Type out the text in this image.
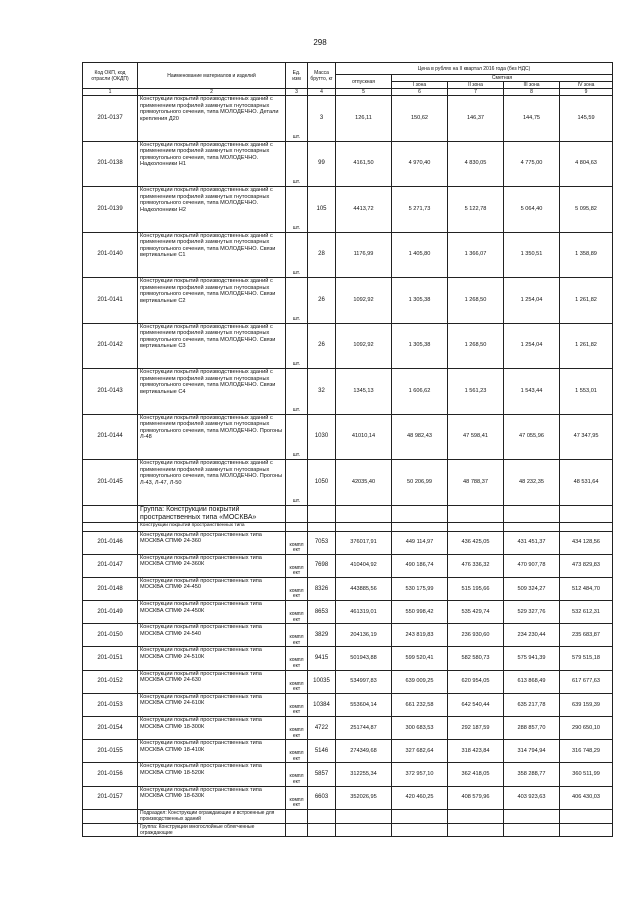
298
Код ОКП, код отрасли (ОКДП)	Наименование материалов и изделий	Ед. изм	Масса брутто, кг	Цена в рублях на II квартал 2016 года (без НДС)				
				отпускная	Сметная			
					I зона	II зона	III зона	IV зона
1	2	3	4	5	6	7	8	9
201-0137	Конструкции покрытий производственных зданий с применением профилей замкнутых гнутосварных прямоугольного сечения, типа МОЛОДЕЧНО. Детали крепления Д20	шт.	3	126,11	150,62	146,37	144,75	145,59
201-0138	Конструкции покрытий производственных зданий с применением профилей замкнутых гнутосварных прямоугольного сечения, типа МОЛОДЕЧНО. Надколонники Н1	шт.	99	4161,50	4 970,40	4 830,05	4 775,00	4 804,63
201-0139	Конструкции покрытий производственных зданий с применением профилей замкнутых гнутосварных прямоугольного сечения, типа МОЛОДЕЧНО. Надколонники Н2	шт.	105	4413,72	5 271,73	5 122,78	5 064,40	5 095,82
201-0140	Конструкции покрытий производственных зданий с применением профилей замкнутых гнутосварных прямоугольного сечения, типа МОЛОДЕЧНО. Связи вертикальные С1	шт.	28	1176,99	1 405,80	1 366,07	1 350,51	1 358,89
201-0141	Конструкции покрытий производственных зданий с применением профилей замкнутых гнутосварных прямоугольного сечения, типа МОЛОДЕЧНО. Связи вертикальные С2	шт.	26	1092,92	1 305,38	1 268,50	1 254,04	1 261,82
201-0142	Конструкции покрытий производственных зданий с применением профилей замкнутых гнутосварных прямоугольного сечения, типа МОЛОДЕЧНО. Связи вертикальные С3	шт.	26	1092,92	1 305,38	1 268,50	1 254,04	1 261,82
201-0143	Конструкции покрытий производственных зданий с применением профилей замкнутых гнутосварных прямоугольного сечения, типа МОЛОДЕЧНО. Связи вертикальные С4	шт.	32	1345,13	1 606,62	1 561,23	1 543,44	1 553,01
201-0144	Конструкции покрытий производственных зданий с применением профилей замкнутых гнутосварных прямоугольного сечения, типа МОЛОДЕЧНО. Прогоны Л-48	шт.	1030	41010,14	48 982,43	47 598,41	47 055,96	47 347,95
201-0145	Конструкции покрытий производственных зданий с применением профилей замкнутых гнутосварных прямоугольного сечения, типа МОЛОДЕЧНО. Прогоны Л-43, Л-47, Л-50	шт.	1050	42035,40	50 206,99	48 788,37	48 232,35	48 531,64
	Группа: Конструкции покрытий пространственных типа «МОСКВА»							
	Конструкции покрытий пространственных типа							
201-0146	Конструкции покрытий пространственных типа МОСКВА СПМФ 24-360	компл ект	7053	376017,91	449 114,97	436 425,05	431 451,37	434 128,56
201-0147	Конструкции покрытий пространственных типа МОСКВА СПМФ 24-360К	компл ект	7698	410404,92	490 186,74	476 336,32	470 907,78	473 829,83
201-0148	Конструкции покрытий пространственных типа МОСКВА СПМФ 24-450	компл ект	8326	443885,56	530 175,99	515 195,66	509 324,27	512 484,70
201-0149	Конструкции покрытий пространственных типа МОСКВА СПМФ 24-450К	компл ект	8653	461319,01	550 998,42	535 429,74	529 327,76	532 612,31
201-0150	Конструкции покрытий пространственных типа МОСКВА СПМФ 24-540	компл ект	3829	204136,19	243 819,83	236 930,60	234 230,44	235 683,87
201-0151	Конструкции покрытий пространственных типа МОСКВА СПМФ 24-510К	компл ект	9415	501943,88	599 520,41	582 580,73	575 941,39	579 515,18
201-0152	Конструкции покрытий пространственных типа МОСКВА СПМФ 24-630	компл ект	10035	534997,83	639 009,25	620 954,05	613 868,49	617 677,63
201-0153	Конструкции покрытий пространственных типа МОСКВА СПМФ 24-610К	компл ект	10384	553604,14	661 232,58	642 540,44	635 217,78	639 159,39
201-0154	Конструкции покрытий пространственных типа МОСКВА СПМФ 18-300К	компл ект	4722	251744,87	300 683,53	292 187,59	288 857,70	290 650,10
201-0155	Конструкции покрытий пространственных типа МОСКВА СПМФ 18-410К	компл ект	5146	274349,68	327 682,64	318 423,84	314 794,94	316 748,29
201-0156	Конструкции покрытий пространственных типа МОСКВА СПМФ 18-520К	компл ект	5857	312255,34	372 957,10	362 418,05	358 288,77	360 511,99
201-0157	Конструкции покрытий пространственных типа МОСКВА СПМФ 18-630К	компл ект	6603	352026,95	420 460,25	408 579,96	403 923,63	406 430,03
	Подраздел: Конструкции ограждающие и встроенные для производственных зданий							
	Группа: Конструкции многослойные облегченные ограждающие							
